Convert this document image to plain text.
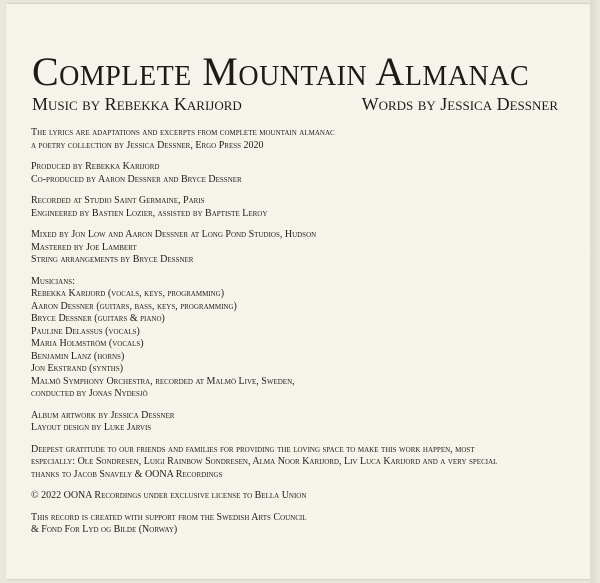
Complete Mountain Almanac
Music by Rebekka Karijord	Words by Jessica Dessner

The lyrics are adaptations and excerpts from complete mountain almanac
a poetry collection by Jessica Dessner, Ergo Press 2020

Produced by Rebekka Karijord
Co-produced by Aaron Dessner and Bryce Dessner

Recorded at Studio Saint Germaine, Paris
Engineered by Bastien Lozier, assisted by Baptiste Leroy

Mixed by Jon Low and Aaron Dessner at Long Pond Studios, Hudson
Mastered by Joe Lambert
String arrangements by Bryce Dessner

Musicians:
Rebekka Karijord (vocals, keys, programming)
Aaron Dessner (guitars, bass, keys, programming)
Bryce Dessner (guitars & piano)
Pauline Delassus (vocals)
Maria Holmström (vocals)
Benjamin Lanz (horns)
Jon Ekstrand (synths)
Malmö Symphony Orchestra, recorded at Malmö Live, Sweden,
conducted by Jonas Nydesjö

Album artwork by Jessica Dessner
Layout design by Luke Jarvis

Deepest gratitude to our friends and families for providing the loving space to make this work happen, most
especially: Ole Sondresen, Luigi Rainbow Sondresen, Alma Noor Karijord, Liv Luca Karijord and a very special
thanks to Jacob Snavely & OONA Recordings

© 2022 OONA Recordings under exclusive license to Bella Union

This record is created with support from the Swedish Arts Council
& Fond For Lyd og Bilde (Norway)
